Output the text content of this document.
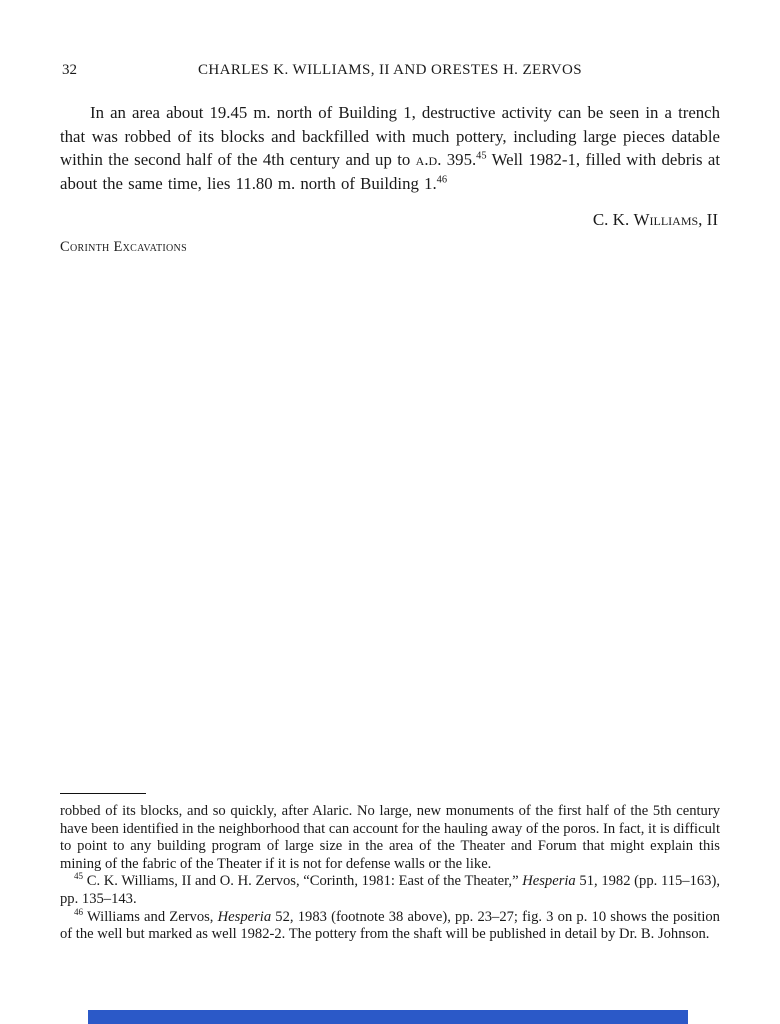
32	CHARLES K. WILLIAMS, II AND ORESTES H. ZERVOS

In an area about 19.45 m. north of Building 1, destructive activity can be seen in a trench that was robbed of its blocks and backfilled with much pottery, including large pieces datable within the second half of the 4th century and up to a.d. 395.45 Well 1982-1, filled with debris at about the same time, lies 11.80 m. north of Building 1.46

C. K. Williams, II
Corinth Excavations

robbed of its blocks, and so quickly, after Alaric. No large, new monuments of the first half of the 5th century have been identified in the neighborhood that can account for the hauling away of the poros. In fact, it is difficult to point to any building program of large size in the area of the Theater and Forum that might explain this mining of the fabric of the Theater if it is not for defense walls or the like.

$^{45}$ C. K. Williams, II and O. H. Zervos, “Corinth, 1981: East of the Theater,” Hesperia 51, 1982 (pp. 115–163), pp. 135–143.

$^{46}$ Williams and Zervos, Hesperia 52, 1983 (footnote 38 above), pp. 23–27; fig. 3 on p. 10 shows the position of the well but marked as well 1982-2. The pottery from the shaft will be published in detail by Dr. B. Johnson.
